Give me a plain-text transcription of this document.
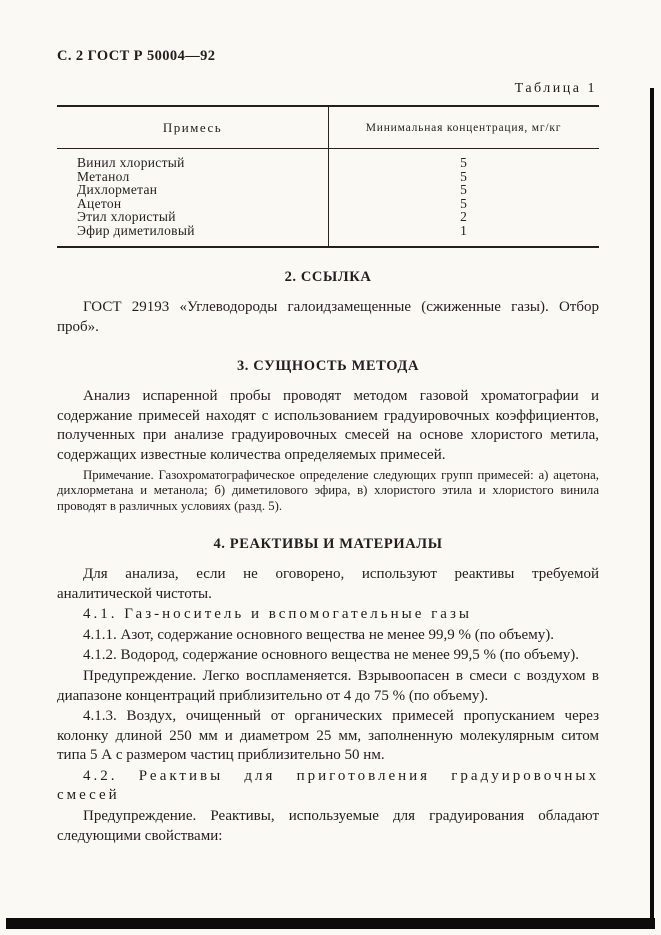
С. 2 ГОСТ Р 50004—92
Таблица 1
Примесь	Минимальная концентрация, мг/кг
Винил хлористый	5
Метанол	5
Дихлорметан	5
Ацетон	5
Этил хлористый	2
Эфир диметиловый	1
2. ССЫЛКА

ГОСТ 29193 «Углеводороды галоидзамещенные (сжиженные газы). Отбор проб».

3. СУЩНОСТЬ МЕТОДА

Анализ испаренной пробы проводят методом газовой хроматографии и содержание примесей находят с использованием градуировочных коэффициентов, полученных при анализе градуировочных смесей на основе хлористого метила, содержащих известные количества определяемых примесей.

Примечание. Газохроматографическое определение следующих групп примесей: а) ацетона, дихлорметана и метанола; б) диметилового эфира, в) хлористого этила и хлористого винила проводят в различных условиях (разд. 5).

4. РЕАКТИВЫ И МАТЕРИАЛЫ

Для анализа, если не оговорено, используют реактивы требуемой аналитической чистоты.

4.1. Газ-носитель и вспомогательные газы

4.1.1. Азот, содержание основного вещества не менее 99,9 % (по объему).

4.1.2. Водород, содержание основного вещества не менее 99,5 % (по объему).

Предупреждение. Легко воспламеняется. Взрывоопасен в смеси с воздухом в диапазоне концентраций приблизительно от 4 до 75 % (по объему).

4.1.3. Воздух, очищенный от органических примесей пропусканием через колонку длиной 250 мм и диаметром 25 мм, заполненную молекулярным ситом типа 5 А с размером частиц приблизительно 50 нм.

4.2. Реактивы для приготовления градуировочных смесей

Предупреждение. Реактивы, используемые для градуирования обладают следующими свойствами:
